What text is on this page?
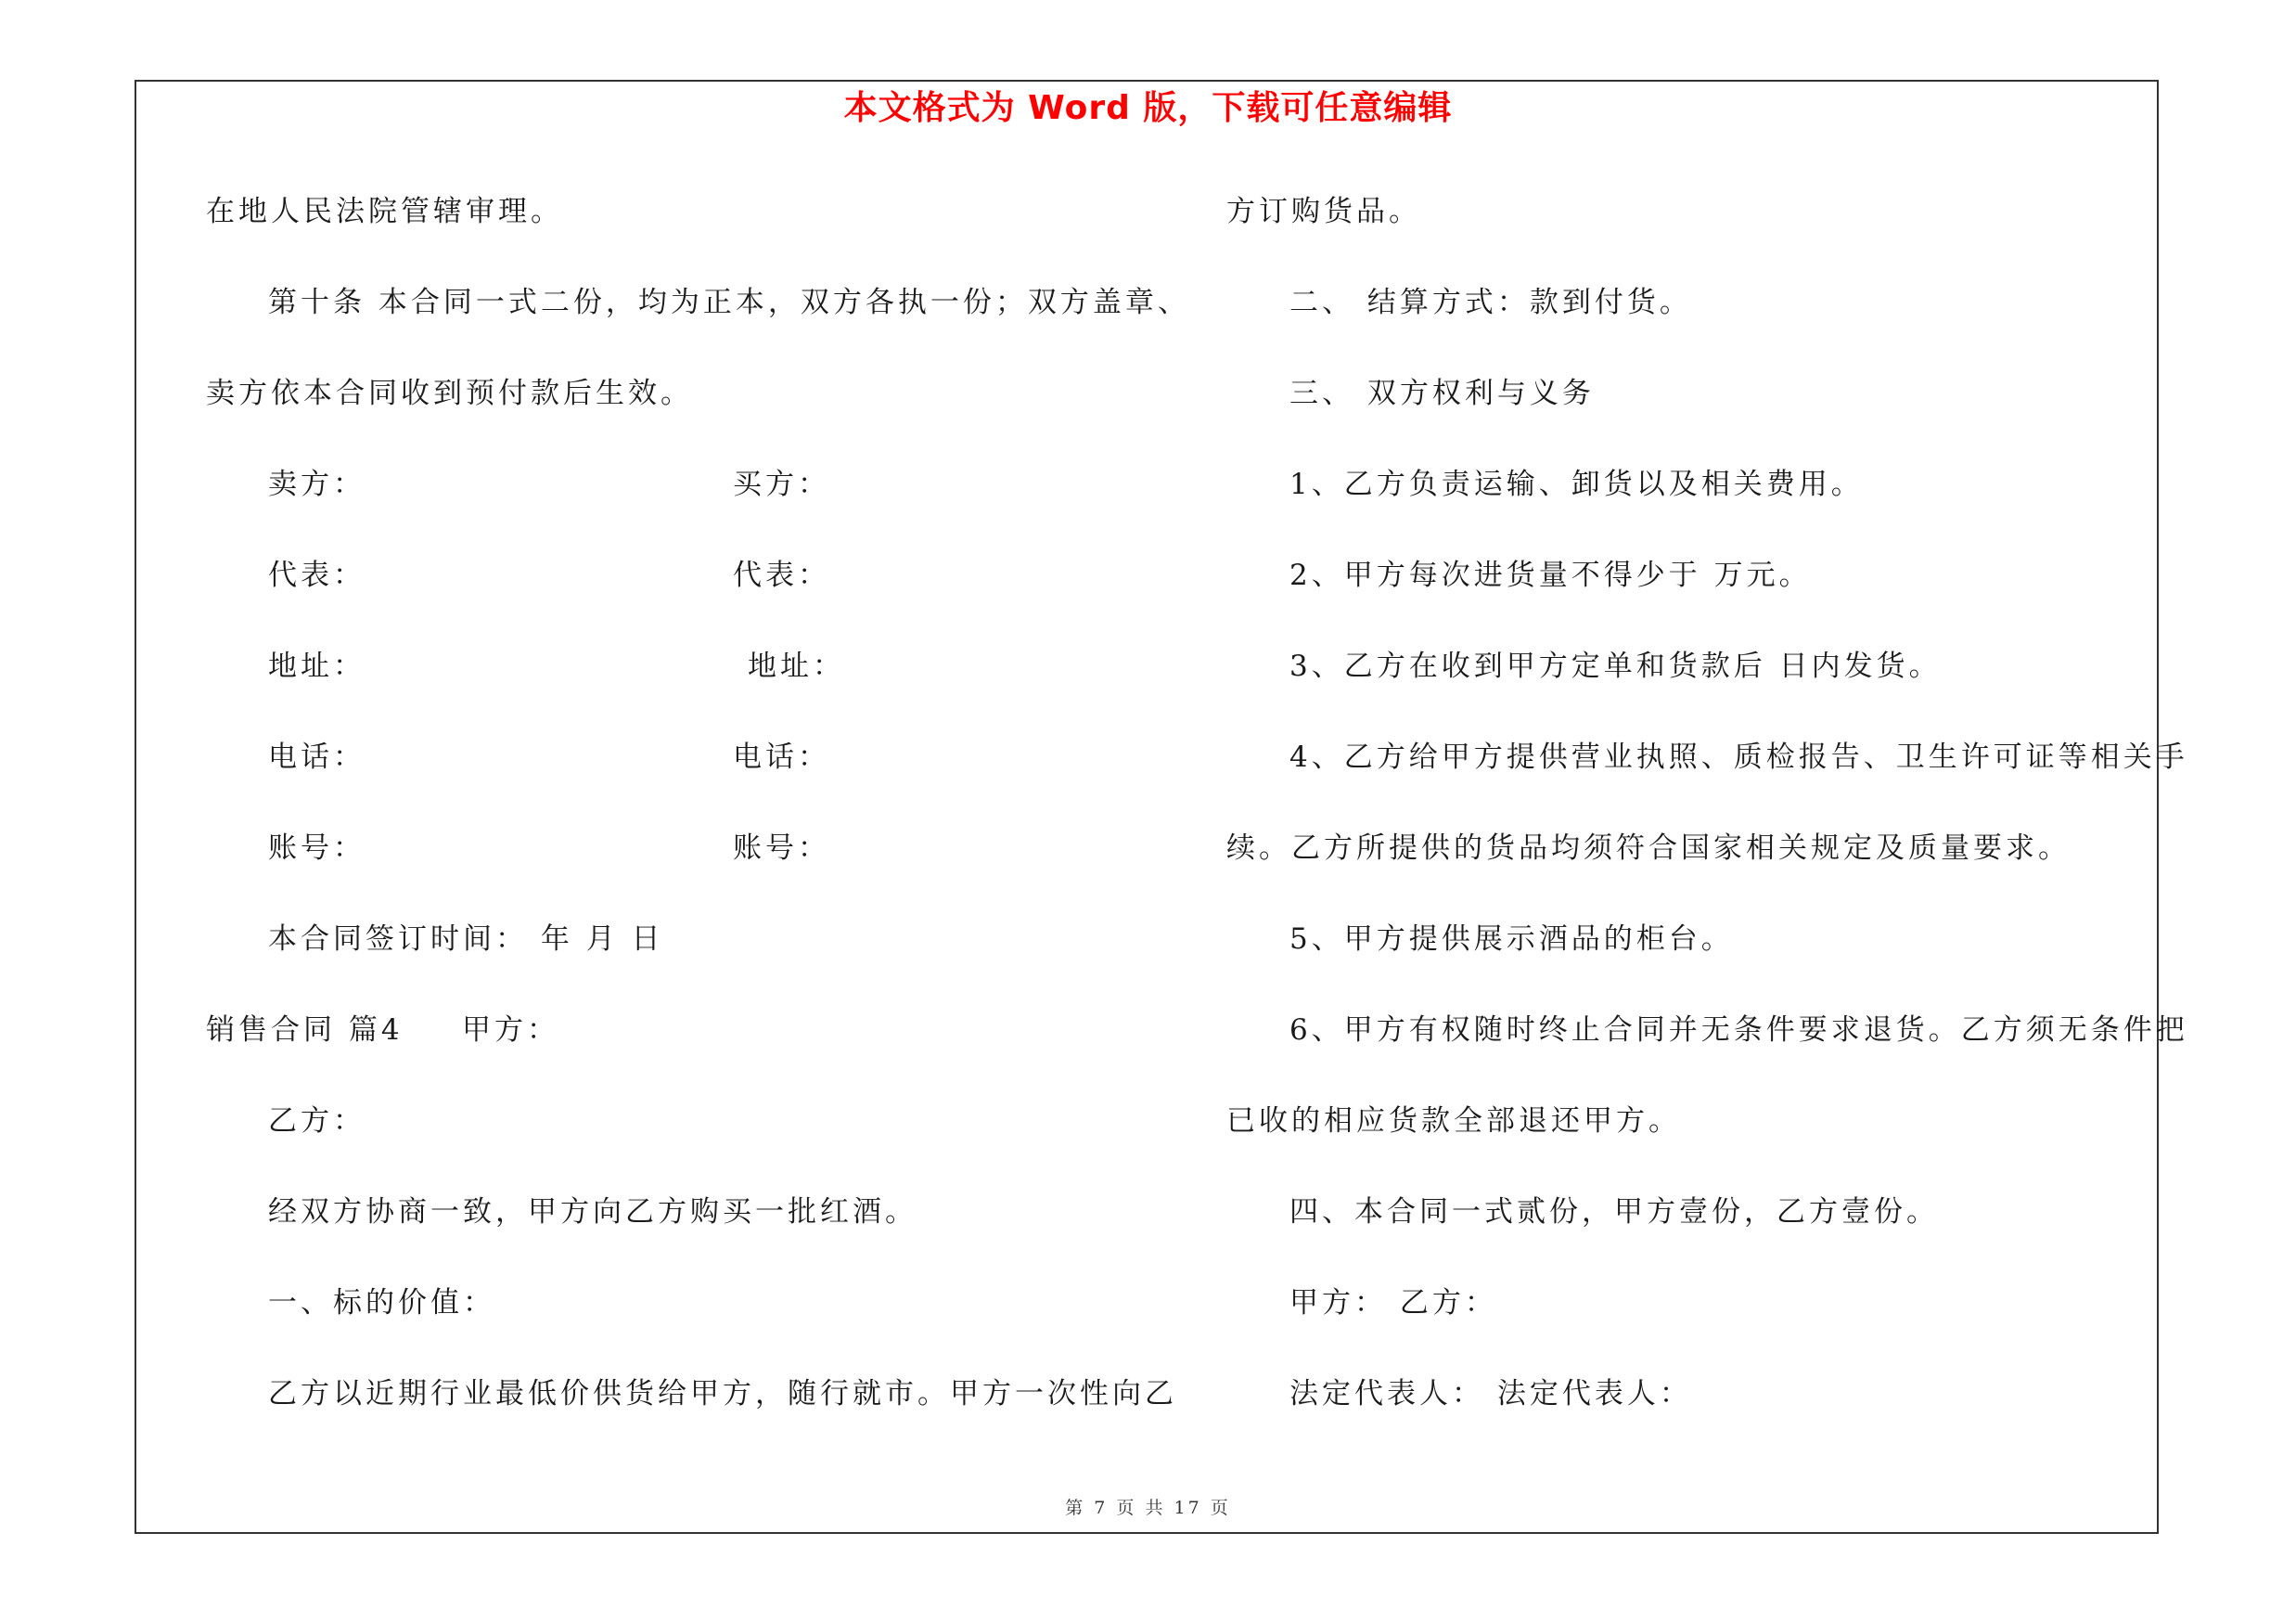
本文格式为 Word 版，下载可任意编辑
在地人民法院管辖审理。
第十条 本合同一式二份，均为正本，双方各执一份；双方盖章、
卖方依本合同收到预付款后生效。
卖方：	买方：
代表：	代表：
地址：	地址：
电话：	电话：
账号：	账号：
本合同签订时间： 年 月 日
销售合同 篇4 甲方：
乙方：
经双方协商一致，甲方向乙方购买一批红酒。
一、标的价值：
乙方以近期行业最低价供货给甲方，随行就市。甲方一次性向乙
方订购货品。
二、 结算方式：款到付货。
三、 双方权利与义务
1、乙方负责运输、卸货以及相关费用。
2、甲方每次进货量不得少于 万元。
3、乙方在收到甲方定单和货款后 日内发货。
4、乙方给甲方提供营业执照、质检报告、卫生许可证等相关手
续。乙方所提供的货品均须符合国家相关规定及质量要求。
5、甲方提供展示酒品的柜台。
6、甲方有权随时终止合同并无条件要求退货。乙方须无条件把
已收的相应货款全部退还甲方。
四、本合同一式贰份，甲方壹份，乙方壹份。
甲方： 乙方：
法定代表人： 法定代表人：
第 7 页 共 17 页
